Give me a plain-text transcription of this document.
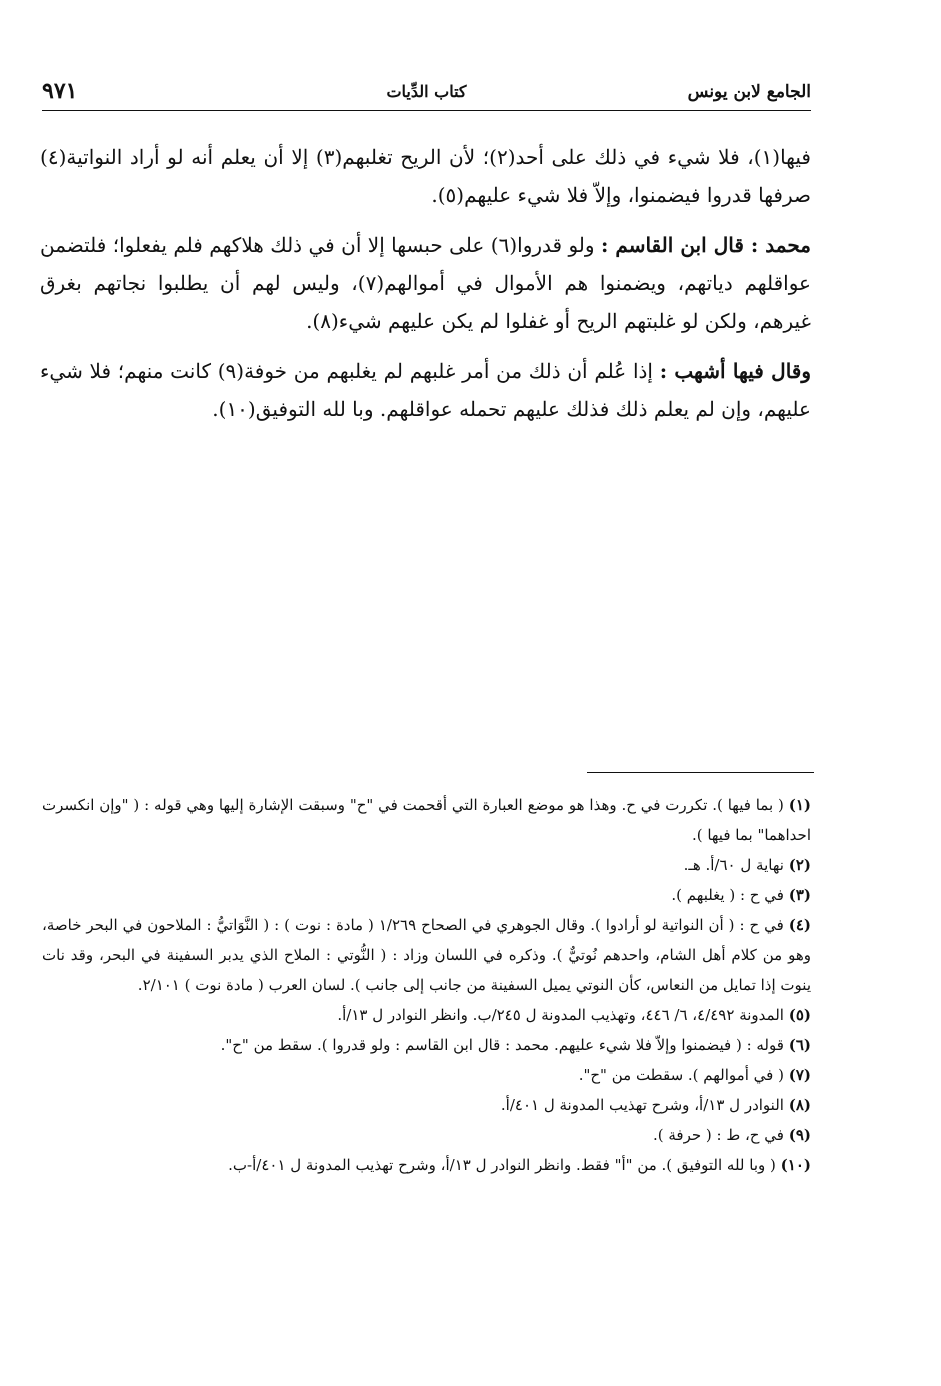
الجامع لابن يونس
كتاب الدِّيات
٩٧١

فيها(١)، فلا شيء في ذلك على أحد(٢)؛ لأن الريح تغلبهم(٣) إلا أن يعلم أنه لو أراد النواتية(٤) صرفها قدروا فيضمنوا، وإلاّ فلا شيء عليهم(٥).

محمد : قال ابن القاسم : ولو قدروا(٦) على حبسها إلا أن في ذلك هلاكهم فلم يفعلوا؛ فلتضمن عواقلهم دياتهم، ويضمنوا هم الأموال في أموالهم(٧)، وليس لهم أن يطلبوا نجاتهم بغرق غيرهم، ولكن لو غلبتهم الريح أو غفلوا لم يكن عليهم شيء(٨).

وقال فيها أشهب : إذا عُلم أن ذلك من أمر غلبهم لم يغلبهم من خوفة(٩) كانت منهم؛ فلا شيء عليهم، وإن لم يعلم ذلك فذلك عليهم تحمله عواقلهم. وبا لله التوفيق(١٠).

(١) ( بما فيها ). تكررت في ح. وهذا هو موضع العبارة التي أقحمت في "ح" وسبقت الإشارة إليها وهي قوله : ( "وإن انكسرت احداهما" بما فيها ).

(٢) نهاية ل ٦٠/أ. هـ.

(٣) في ح : ( يغلبهم ).

(٤) في ح : ( أن النواتية لو أرادوا ). وقال الجوهري في الصحاح ١/٢٦٩ ( مادة : نوت ) : ( النَّوَاتيُّ : الملاحون في البحر خاصة، وهو من كلام أهل الشام، واحدهم نُوتيٌّ ). وذكره في اللسان وزاد : ( النُّوتي : الملاح الذي يدبر السفينة في البحر، وقد نات ينوت إذا تمايل من النعاس، كأن النوتي يميل السفينة من جانب إلى جانب ). لسان العرب ( مادة نوت ) ٢/١٠١.

(٥) المدونة ٤/٤٩٢، ٦/ ٤٤٦، وتهذيب المدونة ل ٢٤٥/ب. وانظر النوادر ل ١٣/أ.

(٦) قوله : ( فيضمنوا وإلاّ فلا شيء عليهم. محمد : قال ابن القاسم : ولو قدروا ). سقط من "ح".

(٧) ( في أموالهم ). سقطت من "ح".

(٨) النوادر ل ١٣/أ، وشرح تهذيب المدونة ل ٤٠١/أ.

(٩) في ح، ط : ( حرفة ).

(١٠) ( وبا لله التوفيق ). من "أ" فقط. وانظر النوادر ل ١٣/أ، وشرح تهذيب المدونة ل ٤٠١/أ-ب.
